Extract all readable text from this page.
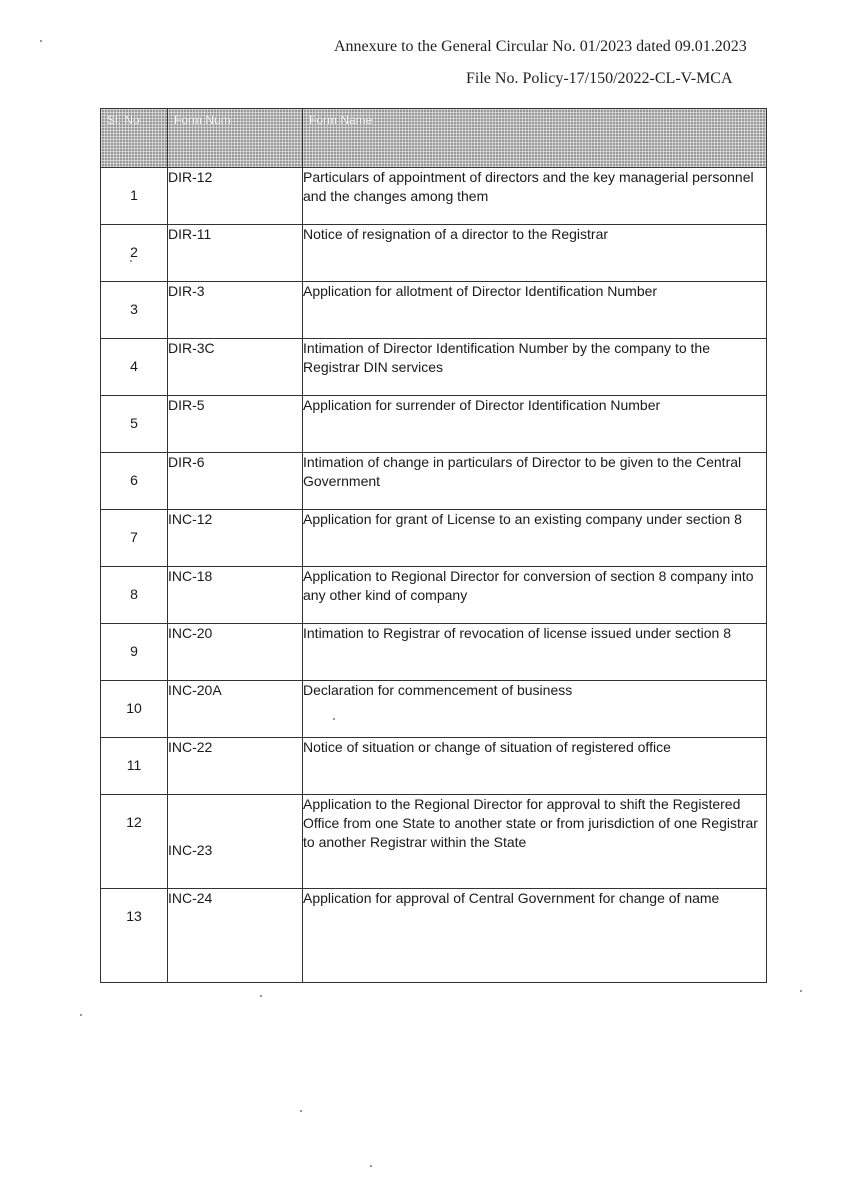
Annexure to the General Circular No. 01/2023 dated 09.01.2023
File No. Policy-17/150/2022-CL-V-MCA
Sl. No	Form Num	Form Name
1	DIR-12	Particulars of appointment of directors and the key managerial personnel and the changes among them
2	DIR-11	Notice of resignation of a director to the Registrar
3	DIR-3	Application for allotment of Director Identification Number
4	DIR-3C	Intimation of Director Identification Number by the company to the Registrar DIN services
5	DIR-5	Application for surrender of Director Identification Number
6	DIR-6	Intimation of change in particulars of Director to be given to the Central Government
7	INC-12	Application for grant of License to an existing company under section 8
8	INC-18	Application to Regional Director for conversion of section 8 company into any other kind of company
9	INC-20	Intimation to Registrar of revocation of license issued under section 8
10	INC-20A	Declaration for commencement of business
11	INC-22	Notice of situation or change of situation of registered office
12	INC-23	Application to the Regional Director for approval to shift the Registered Office from one State to another state or from jurisdiction of one Registrar to another Registrar within the State
13	INC-24	Application for approval of Central Government for change of name
